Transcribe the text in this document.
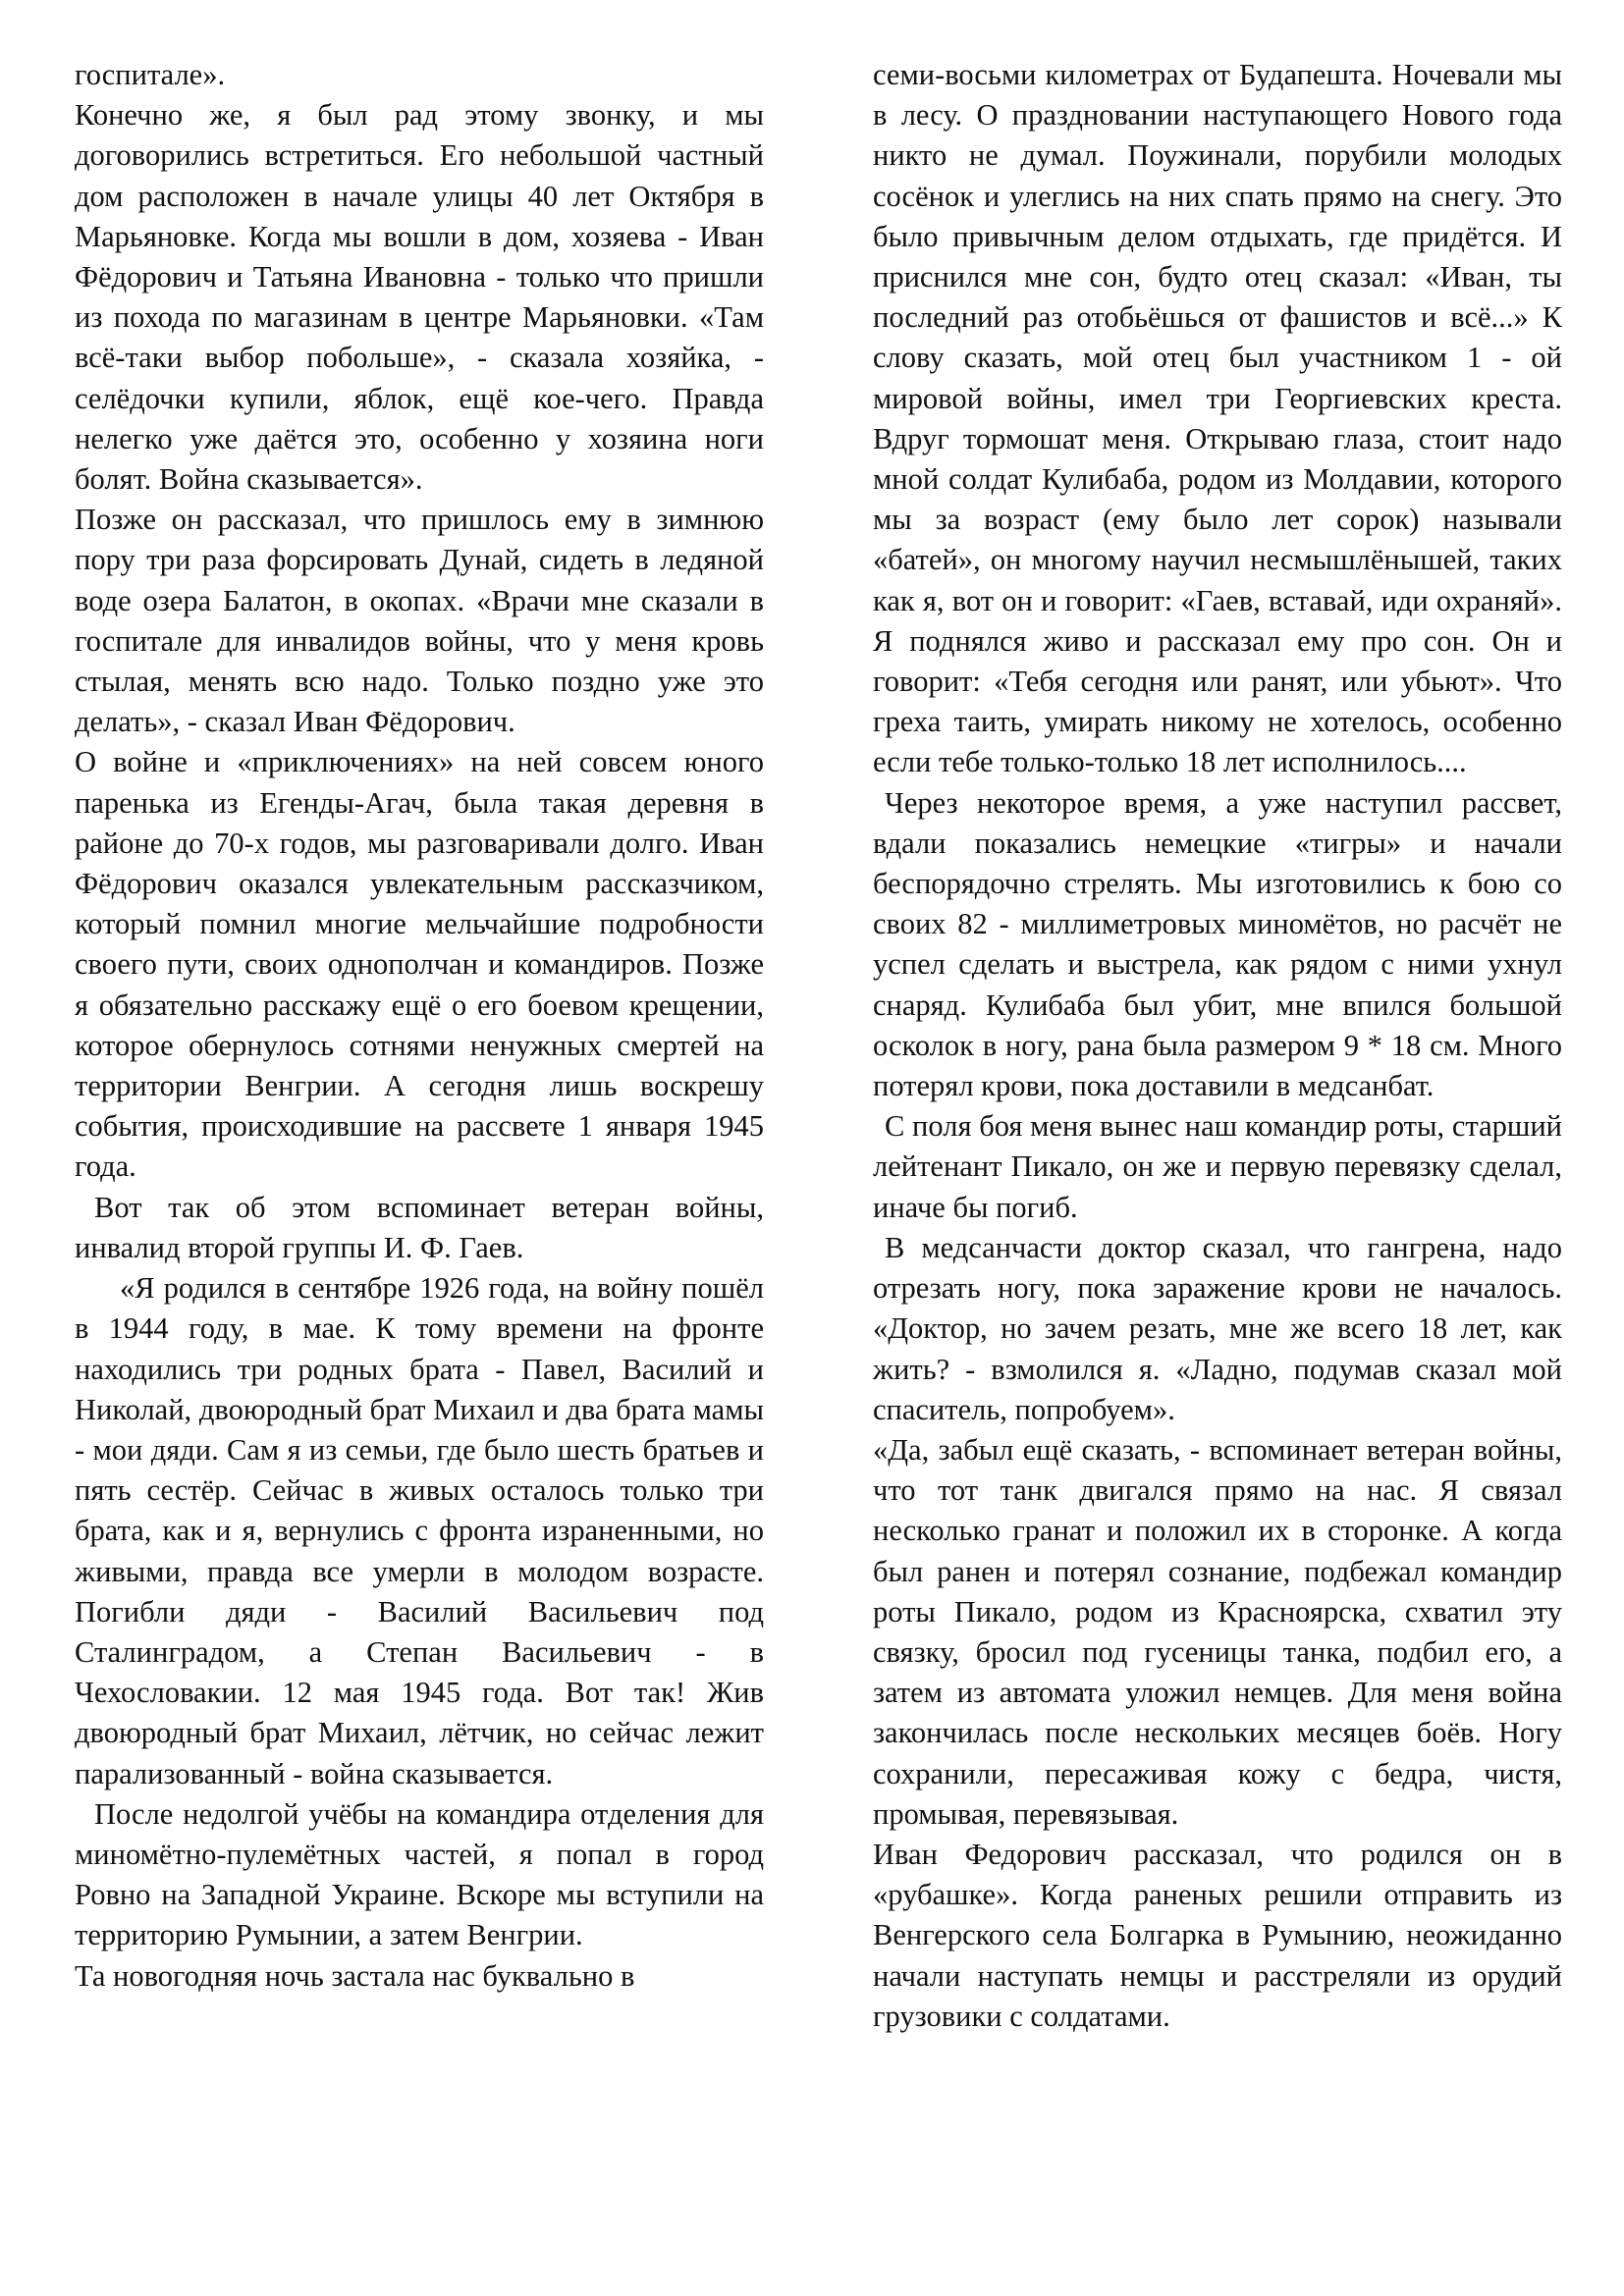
госпитале».

Конечно же, я был рад этому звонку, и мы договорились встретиться. Его небольшой частный дом расположен в начале улицы 40 лет Октября в Марьяновке. Когда мы вошли в дом, хозяева - Иван Фёдорович и Татьяна Ивановна - только что пришли из похода по магазинам в центре Марьяновки. «Там всё-таки выбор побольше», - сказала хозяйка, - селёдочки купили, яблок, ещё кое-чего. Правда нелегко уже даётся это, особенно у хозяина ноги болят. Война сказывается».

Позже он рассказал, что пришлось ему в зимнюю пору три раза форсировать Дунай, сидеть в ледяной воде озера Балатон, в окопах. «Врачи мне сказали в госпитале для инвалидов войны, что у меня кровь стылая, менять всю надо. Только поздно уже это делать», - сказал Иван Фёдорович.

О войне и «приключениях» на ней совсем юного паренька из Егенды-Агач, была такая деревня в районе до 70-х годов, мы разговаривали долго. Иван Фёдорович оказался увлекательным рассказчиком, который помнил многие мельчайшие подробности своего пути, своих однополчан и командиров. Позже я обязательно расскажу ещё о его боевом крещении, которое обернулось сотнями ненужных смертей на территории Венгрии. А сегодня лишь воскрешу события, происходившие на рассвете 1 января 1945 года.

Вот так об этом вспоминает ветеран войны, инвалид второй группы И. Ф. Гаев.

«Я родился в сентябре 1926 года, на войну пошёл в 1944 году, в мае. К тому времени на фронте находились три родных брата - Павел, Василий и Николай, двоюродный брат Михаил и два брата мамы - мои дяди. Сам я из семьи, где было шесть братьев и пять сестёр. Сейчас в живых осталось только три брата, как и я, вернулись с фронта израненными, но живыми, правда все умерли в молодом возрасте. Погибли дяди - Василий Васильевич под Сталинградом, а Степан Васильевич - в Чехословакии. 12 мая 1945 года. Вот так! Жив двоюродный брат Михаил, лётчик, но сейчас лежит парализованный - война сказывается.

После недолгой учёбы на командира отделения для миномётно-пулемётных частей, я попал в город Ровно на Западной Украине. Вскоре мы вступили на территорию Румынии, а затем Венгрии.

Та новогодняя ночь застала нас буквально в

семи-восьми километрах от Будапешта. Ночевали мы в лесу. О праздновании наступающего Нового года никто не думал. Поужинали, порубили молодых сосёнок и улеглись на них спать прямо на снегу. Это было привычным делом отдыхать, где придётся. И приснился мне сон, будто отец сказал: «Иван, ты последний раз отобьёшься от фашистов и всё...» К слову сказать, мой отец был участником 1 - ой мировой войны, имел три Георгиевских креста. Вдруг тормошат меня. Открываю глаза, стоит надо мной солдат Кулибаба, родом из Молдавии, которого мы за возраст (ему было лет сорок) называли «батей», он многому научил несмышлёнышей, таких как я, вот он и говорит: «Гаев, вставай, иди охраняй». Я поднялся живо и рассказал ему про сон. Он и говорит: «Тебя сегодня или ранят, или убьют». Что греха таить, умирать никому не хотелось, особенно если тебе только-только 18 лет исполнилось....

Через некоторое время, а уже наступил рассвет, вдали показались немецкие «тигры» и начали беспорядочно стрелять. Мы изготовились к бою со своих 82 - миллиметровых миномётов, но расчёт не успел сделать и выстрела, как рядом с ними ухнул снаряд. Кулибаба был убит, мне впился большой осколок в ногу, рана была размером 9 * 18 см. Много потерял крови, пока доставили в медсанбат.

С поля боя меня вынес наш командир роты, старший лейтенант Пикало, он же и первую перевязку сделал, иначе бы погиб.

В медсанчасти доктор сказал, что гангрена, надо отрезать ногу, пока заражение крови не началось. «Доктор, но зачем резать, мне же всего 18 лет, как жить? - взмолился я. «Ладно, подумав сказал мой спаситель, попробуем».

«Да, забыл ещё сказать, - вспоминает ветеран войны, что тот танк двигался прямо на нас. Я связал несколько гранат и положил их в сторонке. А когда был ранен и потерял сознание, подбежал командир роты Пикало, родом из Красноярска, схватил эту связку, бросил под гусеницы танка, подбил его, а затем из автомата уложил немцев. Для меня война закончилась после нескольких месяцев боёв. Ногу сохранили, пересаживая кожу с бедра, чистя, промывая, перевязывая.

Иван Федорович рассказал, что родился он в «рубашке». Когда раненых решили отправить из Венгерского села Болгарка в Румынию, неожиданно начали наступать немцы и расстреляли из орудий грузовики с солдатами.
